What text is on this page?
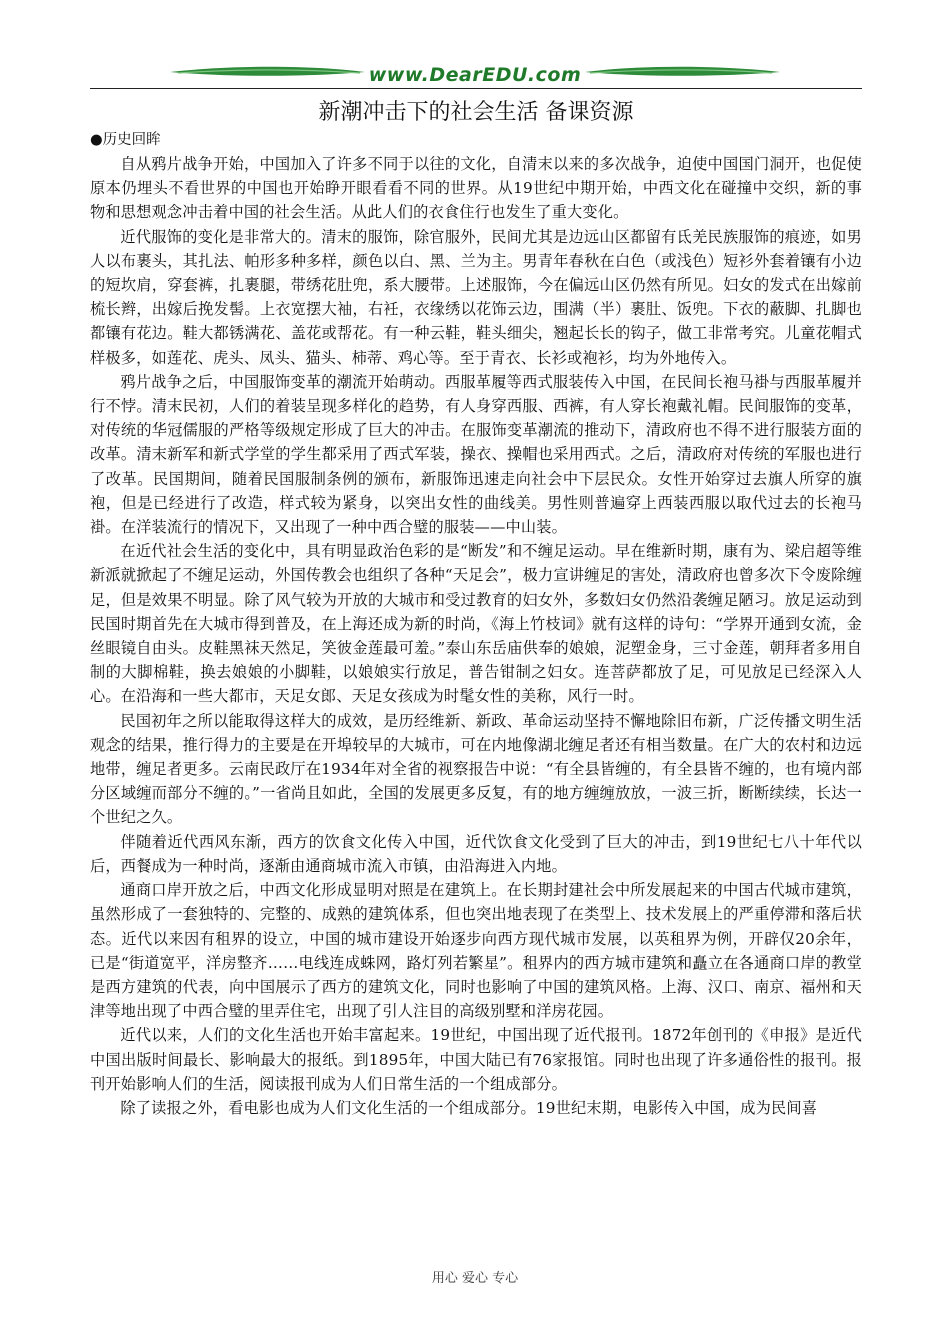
www.DearEDU.com
新潮冲击下的社会生活 备课资源
●历史回眸

自从鸦片战争开始，中国加入了许多不同于以往的文化，自清末以来的多次战争，迫使中国国门洞开，也促使原本仍埋头不看世界的中国也开始睁开眼看看不同的世界。从19世纪中期开始，中西文化在碰撞中交织，新的事物和思想观念冲击着中国的社会生活。从此人们的衣食住行也发生了重大变化。

近代服饰的变化是非常大的。清末的服饰，除官服外，民间尤其是边远山区都留有氐羌民族服饰的痕迹，如男人以布裹头，其扎法、帕形多种多样，颜色以白、黑、兰为主。男青年春秋在白色（或浅色）短衫外套着镶有小边的短坎肩，穿套裤，扎裹腿，带绣花肚兜，系大腰带。上述服饰，今在偏远山区仍然有所见。妇女的发式在出嫁前梳长辫，出嫁后挽发髻。上衣宽摆大袖，右衽，衣缘绣以花饰云边，围满（半）裹肚、饭兜。下衣的蔽脚、扎脚也都镶有花边。鞋大都锈满花、盖花或帮花。有一种云鞋，鞋头细尖，翘起长长的钩子，做工非常考究。儿童花帽式样极多，如莲花、虎头、凤头、猫头、柿蒂、鸡心等。至于青衣、长衫或袍衫，均为外地传入。

鸦片战争之后，中国服饰变革的潮流开始萌动。西服革履等西式服装传入中国，在民间长袍马褂与西服革履并行不悖。清末民初，人们的着装呈现多样化的趋势，有人身穿西服、西裤，有人穿长袍戴礼帽。民间服饰的变革，对传统的华冠儒服的严格等级规定形成了巨大的冲击。在服饰变革潮流的推动下，清政府也不得不进行服装方面的改革。清末新军和新式学堂的学生都采用了西式军装，操衣、操帽也采用西式。之后，清政府对传统的军服也进行了改革。民国期间，随着民国服制条例的颁布，新服饰迅速走向社会中下层民众。女性开始穿过去旗人所穿的旗袍，但是已经进行了改造，样式较为紧身，以突出女性的曲线美。男性则普遍穿上西装西服以取代过去的长袍马褂。在洋装流行的情况下，又出现了一种中西合璧的服装——中山装。

在近代社会生活的变化中，具有明显政治色彩的是“断发”和不缠足运动。早在维新时期，康有为、梁启超等维新派就掀起了不缠足运动，外国传教会也组织了各种“天足会”，极力宣讲缠足的害处，清政府也曾多次下令废除缠足，但是效果不明显。除了风气较为开放的大城市和受过教育的妇女外，多数妇女仍然沿袭缠足陋习。放足运动到民国时期首先在大城市得到普及，在上海还成为新的时尚，《海上竹枝词》就有这样的诗句：“学界开通到女流，金丝眼镜自由头。皮鞋黑袜天然足，笑彼金莲最可羞。”泰山东岳庙供奉的娘娘，泥塑金身，三寸金莲，朝拜者多用自制的大脚棉鞋，换去娘娘的小脚鞋，以娘娘实行放足，普告钳制之妇女。连菩萨都放了足，可见放足已经深入人心。在沿海和一些大都市，天足女郎、天足女孩成为时髦女性的美称，风行一时。

民国初年之所以能取得这样大的成效，是历经维新、新政、革命运动坚持不懈地除旧布新，广泛传播文明生活观念的结果，推行得力的主要是在开埠较早的大城市，可在内地像湖北缠足者还有相当数量。在广大的农村和边远地带，缠足者更多。云南民政厅在1934年对全省的视察报告中说：“有全县皆缠的，有全县皆不缠的，也有境内部分区域缠而部分不缠的。”一省尚且如此，全国的发展更多反复，有的地方缠缠放放，一波三折，断断续续，长达一个世纪之久。

伴随着近代西风东渐，西方的饮食文化传入中国，近代饮食文化受到了巨大的冲击，到19世纪七八十年代以后，西餐成为一种时尚，逐渐由通商城市流入市镇，由沿海进入内地。

通商口岸开放之后，中西文化形成显明对照是在建筑上。在长期封建社会中所发展起来的中国古代城市建筑，虽然形成了一套独特的、完整的、成熟的建筑体系，但也突出地表现了在类型上、技术发展上的严重停滞和落后状态。近代以来因有租界的设立，中国的城市建设开始逐步向西方现代城市发展，以英租界为例，开辟仅20余年，已是“街道宽平，洋房整齐……电线连成蛛网，路灯列若繁星”。租界内的西方城市建筑和矗立在各通商口岸的教堂是西方建筑的代表，向中国展示了西方的建筑文化，同时也影响了中国的建筑风格。上海、汉口、南京、福州和天津等地出现了中西合璧的里弄住宅，出现了引人注目的高级别墅和洋房花园。

近代以来，人们的文化生活也开始丰富起来。19世纪，中国出现了近代报刊。1872年创刊的《申报》是近代中国出版时间最长、影响最大的报纸。到1895年，中国大陆已有76家报馆。同时也出现了许多通俗性的报刊。报刊开始影响人们的生活，阅读报刊成为人们日常生活的一个组成部分。

除了读报之外，看电影也成为人们文化生活的一个组成部分。19世纪末期，电影传入中国，成为民间喜

用心 爱心 专心
